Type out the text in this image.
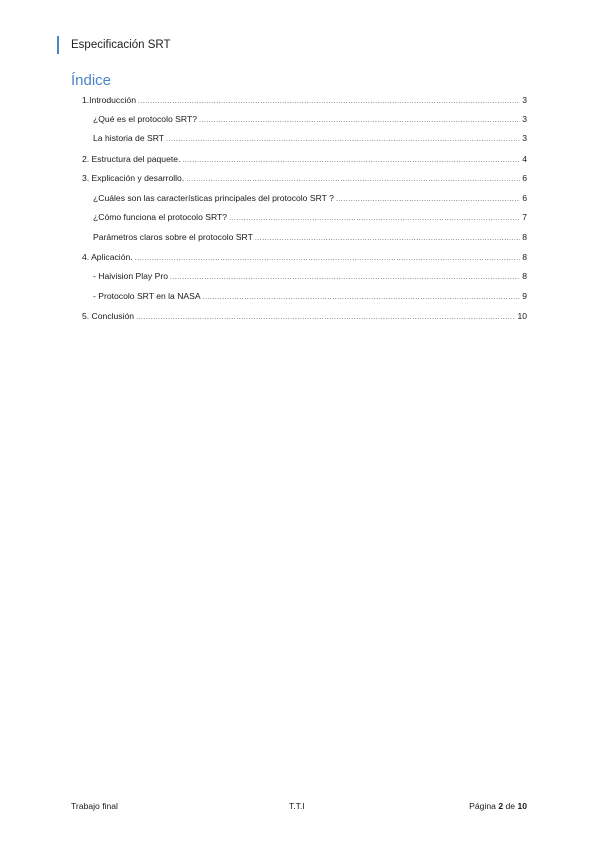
Especificación SRT
Índice
1.Introducción .....	3
¿Qué es el protocolo SRT? .....	3
La historia de SRT .....	3
2. Estructura del paquete. .....	4
3. Explicación y desarrollo. .....	6
¿Cuáles son las características principales del protocolo SRT ? .....	6
¿Cómo funciona el protocolo SRT? .....	7
Parámetros claros sobre el protocolo SRT .....	8
4. Aplicación. .....	8
- Haivision Play Pro .....	8
- Protocolo SRT en la NASA .....	9
5. Conclusión .....	10
Trabajo final	T.T.I	Página 2 de 10
